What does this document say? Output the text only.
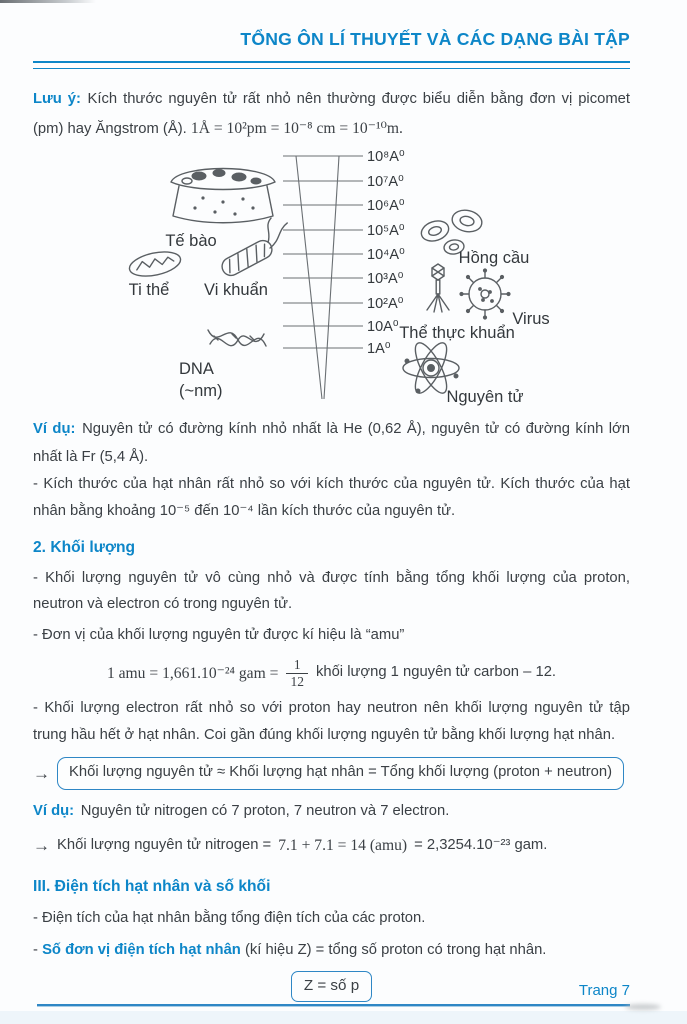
TỔNG ÔN LÍ THUYẾT VÀ CÁC DẠNG BÀI TẬP

Lưu ý: Kích thước nguyên tử rất nhỏ nên thường được biểu diễn bằng đơn vị picomet (pm) hay Ăngstrom (Å). 1Å = 10²pm = 10⁻⁸ cm = 10⁻¹⁰m.

10⁸A⁰
10⁷A⁰
10⁶A⁰
10⁵A⁰
10⁴A⁰
10³A⁰
10²A⁰
10A⁰
1A⁰
Tế bào
Ti thể Vi khuẩn
DNA
(~nm)
Hồng cầu
Thể thực khuẩn
Virus
Nguyên tử

Ví dụ: Nguyên tử có đường kính nhỏ nhất là He (0,62 Å), nguyên tử có đường kính lớn nhất là Fr (5,4 Å).

- Kích thước của hạt nhân rất nhỏ so với kích thước của nguyên tử. Kích thước của hạt nhân bằng khoảng 10⁻⁵ đến 10⁻⁴ lần kích thước của nguyên tử.

2. Khối lượng

- Khối lượng nguyên tử vô cùng nhỏ và được tính bằng tổng khối lượng của proton, neutron và electron có trong nguyên tử.

- Đơn vị của khối lượng nguyên tử được kí hiệu là “amu”

1 amu = 1,661.10⁻²⁴ gam = $\frac{1}{12}$ khối lượng 1 nguyên tử carbon – 12.

- Khối lượng electron rất nhỏ so với proton hay neutron nên khối lượng nguyên tử tập trung hầu hết ở hạt nhân. Coi gần đúng khối lượng nguyên tử bằng khối lượng hạt nhân.

→	Khối lượng nguyên tử ≈ Khối lượng hạt nhân = Tổng khối lượng (proton + neutron)

Ví dụ: Nguyên tử nitrogen có 7 proton, 7 neutron và 7 electron.

→ Khối lượng nguyên tử nitrogen = 7.1 + 7.1 = 14 (amu) = 2,3254.10⁻²³ gam.
III. Điện tích hạt nhân và số khối

- Điện tích của hạt nhân bằng tổng điện tích của các proton.

- Số đơn vị điện tích hạt nhân (kí hiệu Z) = tổng số proton có trong hạt nhân.

Z = số p	Trang 7
